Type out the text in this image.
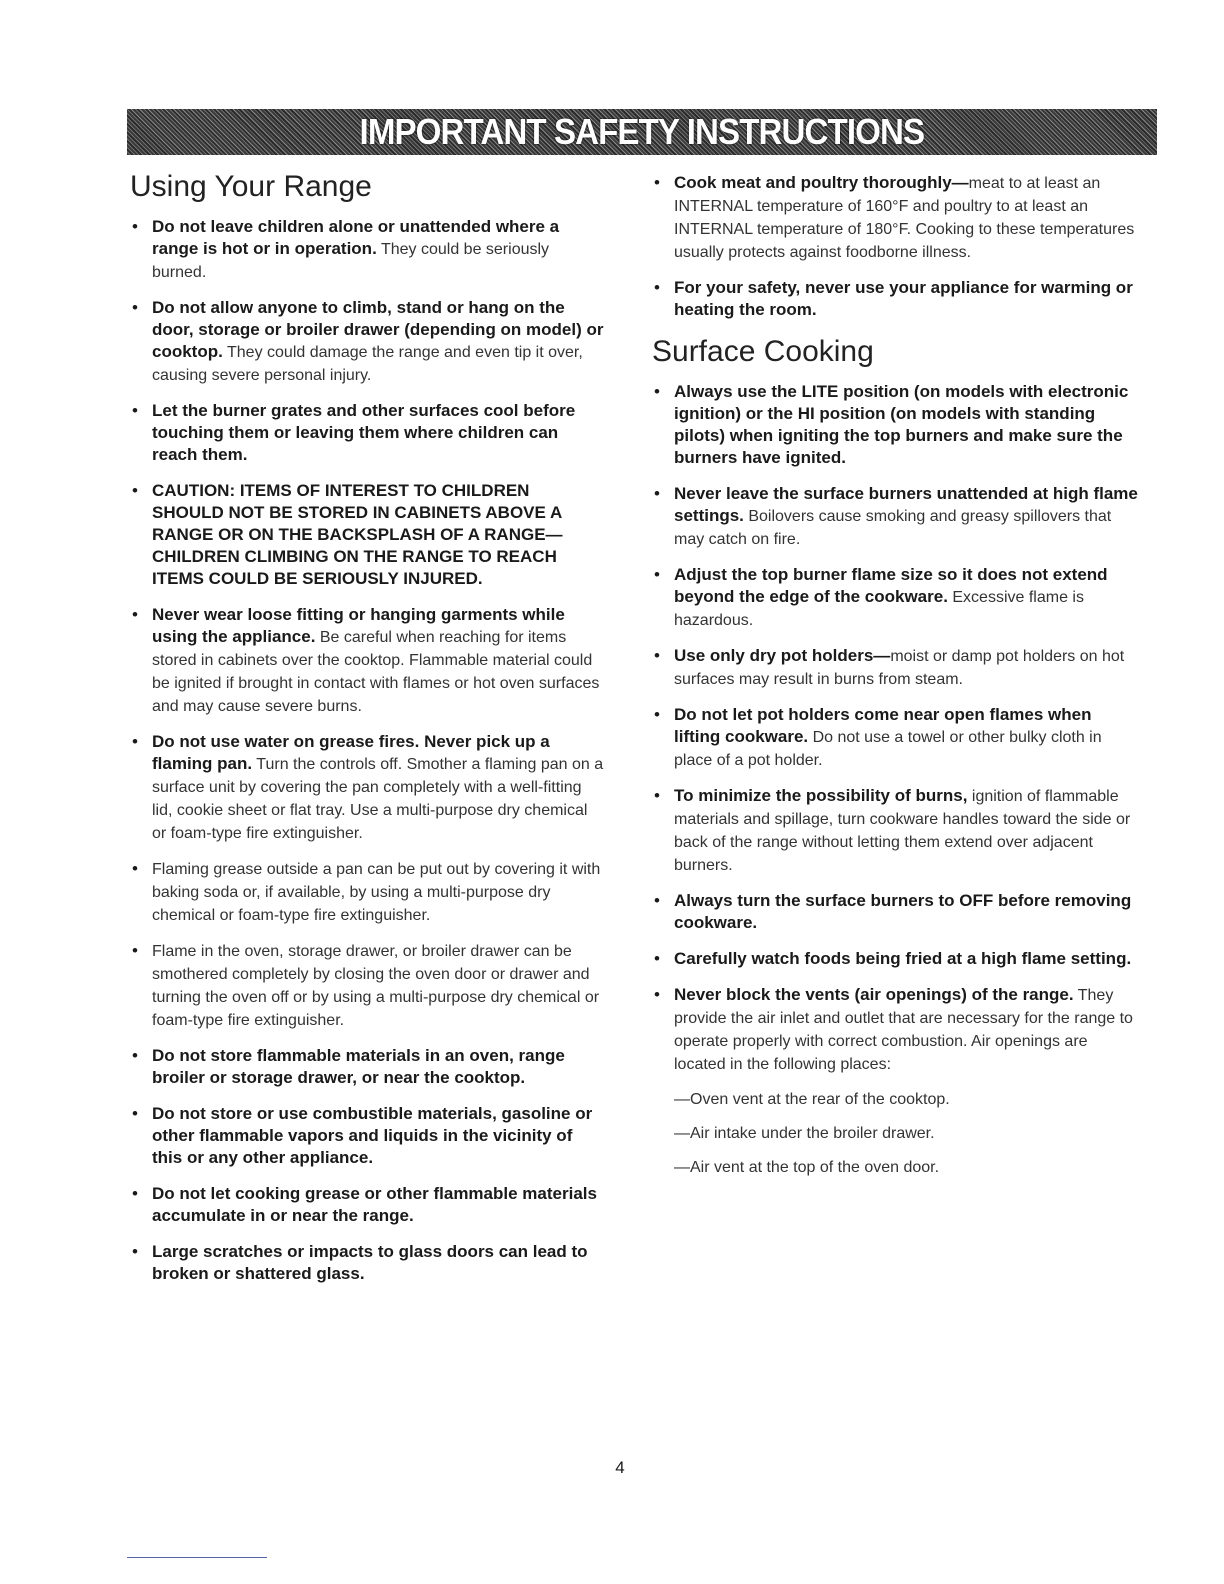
IMPORTANT SAFETY INSTRUCTIONS
Using Your Range
• Do not leave children alone or unattended where a range is hot or in operation. They could be seriously burned.
• Do not allow anyone to climb, stand or hang on the door, storage or broiler drawer (depending on model) or cooktop. They could damage the range and even tip it over, causing severe personal injury.
• Let the burner grates and other surfaces cool before touching them or leaving them where children can reach them.
• CAUTION: ITEMS OF INTEREST TO CHILDREN SHOULD NOT BE STORED IN CABINETS ABOVE A RANGE OR ON THE BACKSPLASH OF A RANGE—CHILDREN CLIMBING ON THE RANGE TO REACH ITEMS COULD BE SERIOUSLY INJURED.
• Never wear loose fitting or hanging garments while using the appliance. Be careful when reaching for items stored in cabinets over the cooktop. Flammable material could be ignited if brought in contact with flames or hot oven surfaces and may cause severe burns.
• Do not use water on grease fires. Never pick up a flaming pan. Turn the controls off. Smother a flaming pan on a surface unit by covering the pan completely with a well-fitting lid, cookie sheet or flat tray. Use a multi-purpose dry chemical or foam-type fire extinguisher.
• Flaming grease outside a pan can be put out by covering it with baking soda or, if available, by using a multi-purpose dry chemical or foam-type fire extinguisher.
• Flame in the oven, storage drawer, or broiler drawer can be smothered completely by closing the oven door or drawer and turning the oven off or by using a multi-purpose dry chemical or foam-type fire extinguisher.
• Do not store flammable materials in an oven, range broiler or storage drawer, or near the cooktop.
• Do not store or use combustible materials, gasoline or other flammable vapors and liquids in the vicinity of this or any other appliance.
• Do not let cooking grease or other flammable materials accumulate in or near the range.
• Large scratches or impacts to glass doors can lead to broken or shattered glass.
• Cook meat and poultry thoroughly—meat to at least an INTERNAL temperature of 160°F and poultry to at least an INTERNAL temperature of 180°F. Cooking to these temperatures usually protects against foodborne illness.
• For your safety, never use your appliance for warming or heating the room.
Surface Cooking
• Always use the LITE position (on models with electronic ignition) or the HI position (on models with standing pilots) when igniting the top burners and make sure the burners have ignited.
• Never leave the surface burners unattended at high flame settings. Boilovers cause smoking and greasy spillovers that may catch on fire.
• Adjust the top burner flame size so it does not extend beyond the edge of the cookware. Excessive flame is hazardous.
• Use only dry pot holders—moist or damp pot holders on hot surfaces may result in burns from steam.
• Do not let pot holders come near open flames when lifting cookware. Do not use a towel or other bulky cloth in place of a pot holder.
• To minimize the possibility of burns, ignition of flammable materials and spillage, turn cookware handles toward the side or back of the range without letting them extend over adjacent burners.
• Always turn the surface burners to OFF before removing cookware.
• Carefully watch foods being fried at a high flame setting.
• Never block the vents (air openings) of the range. They provide the air inlet and outlet that are necessary for the range to operate properly with correct combustion. Air openings are located in the following places:
—Oven vent at the rear of the cooktop.
—Air intake under the broiler drawer.
—Air vent at the top of the oven door.
4
